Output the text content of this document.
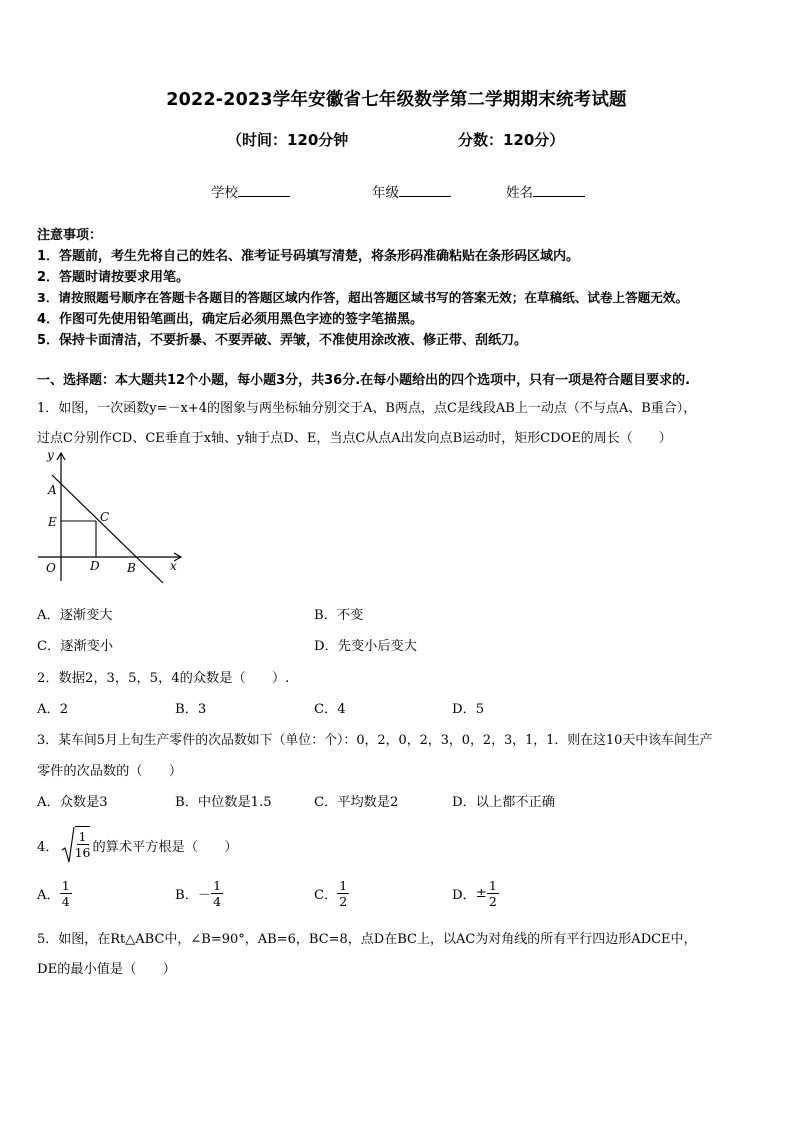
2022-2023学年安徽省七年级数学第二学期期末统考试题
（时间：120分钟	分数：120分）
学校	年级	姓名
注意事项：
1．答题前，考生先将自己的姓名、准考证号码填写清楚，将条形码准确粘贴在条形码区域内。
2．答题时请按要求用笔。
3．请按照题号顺序在答题卡各题目的答题区域内作答，超出答题区域书写的答案无效；在草稿纸、试卷上答题无效。
4．作图可先使用铅笔画出，确定后必须用黑色字迹的签字笔描黑。
5．保持卡面清洁，不要折暴、不要弄破、弄皱，不准使用涂改液、修正带、刮纸刀。
一、选择题：本大题共12个小题，每小题3分，共36分.在每小题给出的四个选项中，只有一项是符合题目要求的.
1．如图，一次函数y=－x+4的图象与两坐标轴分别交于A、B两点，点C是线段AB上一动点（不与点A、B重合），
过点C分别作CD、CE垂直于x轴、y轴于点D、E，当点C从点A出发向点B运动时，矩形CDOE的周长（　　）
y
A
E	C
O	D B	x
A．逐渐变大	B．不变
C．逐渐变小	D．先变小后变大
2．数据2，3，5，5，4的众数是（　　）.
A．2	B．3	C．4	D．5
3．某车间5月上旬生产零件的次品数如下（单位：个）：0，2，0，2，3，0，2，3，1，1．则在这10天中该车间生产
零件的次品数的（　　）
A．众数是3	B．中位数是1.5	C．平均数是2	D．以上都不正确
4． $\frac{1}{16}$ 的算术平方根是（　　）
A． $\frac{1}{4}$	B． － $\frac{1}{4}$	C． $\frac{1}{2}$	D． ± $\frac{1}{2}$
5．如图，在Rt△ABC中，∠B=90°，AB=6，BC=8，点D在BC上，以AC为对角线的所有平行四边形ADCE中，
DE的最小值是（　　）
